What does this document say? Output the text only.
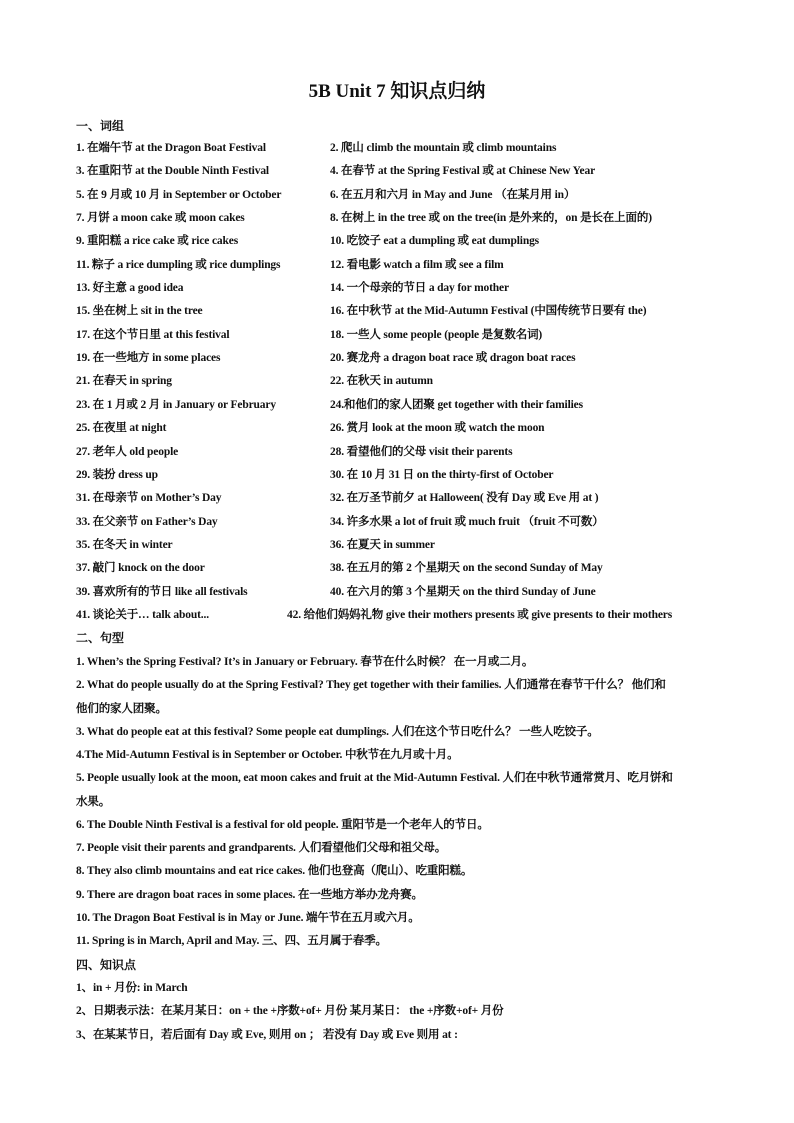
5B Unit 7 知识点归纳
一、词组
1. 在端午节 at the Dragon Boat Festival	2. 爬山 climb the mountain 或 climb mountains
3. 在重阳节 at the Double Ninth Festival	4. 在春节 at the Spring Festival 或 at Chinese New Year
5. 在 9 月或 10 月 in September or October	6. 在五月和六月 in May and June （在某月用 in）
7. 月饼 a moon cake 或 moon cakes	8. 在树上 in the tree 或 on the tree(in 是外来的，on 是长在上面的)
9. 重阳糕 a rice cake 或 rice cakes	10. 吃饺子 eat a dumpling 或 eat dumplings
11. 粽子 a rice dumpling 或 rice dumplings	12. 看电影 watch a film 或 see a film
13. 好主意 a good idea	14. 一个母亲的节日 a day for mother
15. 坐在树上 sit in the tree	16. 在中秋节 at the Mid-Autumn Festival (中国传统节日要有 the)
17. 在这个节日里 at this festival	18. 一些人 some people (people 是复数名词)
19. 在一些地方 in some places	20. 赛龙舟 a dragon boat race 或 dragon boat races
21. 在春天 in spring	22. 在秋天 in autumn
23. 在 1 月或 2 月 in January or February	24.和他们的家人团聚 get together with their families
25. 在夜里 at night	26. 赏月 look at the moon 或 watch the moon
27. 老年人 old people	28. 看望他们的父母 visit their parents
29. 装扮 dress up	30. 在 10 月 31 日 on the thirty-first of October
31. 在母亲节 on Mother’s Day	32. 在万圣节前夕 at Halloween( 没有 Day 或 Eve 用 at )
33. 在父亲节 on Father’s Day	34. 许多水果 a lot of fruit 或 much fruit （fruit 不可数）
35. 在冬天 in winter	36. 在夏天 in summer
37. 敲门 knock on the door	38. 在五月的第 2 个星期天 on the second Sunday of May
39. 喜欢所有的节日 like all festivals	40. 在六月的第 3 个星期天 on the third Sunday of June
41. 谈论关于… talk about...	42. 给他们妈妈礼物 give their mothers presents 或 give presents to their mothers
二、句型
1. When’s the Spring Festival? It’s in January or February. 春节在什么时候？ 在一月或二月。
2. What do people usually do at the Spring Festival? They get together with their families. 人们通常在春节干什么？ 他们和
他们的家人团聚。
3. What do people eat at this festival? Some people eat dumplings. 人们在这个节日吃什么？ 一些人吃饺子。
4.The Mid-Autumn Festival is in September or October. 中秋节在九月或十月。
5. People usually look at the moon, eat moon cakes and fruit at the Mid-Autumn Festival. 人们在中秋节通常赏月、吃月饼和
水果。
6. The Double Ninth Festival is a festival for old people. 重阳节是一个老年人的节日。
7. People visit their parents and grandparents. 人们看望他们父母和祖父母。
8. They also climb mountains and eat rice cakes. 他们也登高（爬山）、吃重阳糕。
9. There are dragon boat races in some places. 在一些地方举办龙舟赛。
10. The Dragon Boat Festival is in May or June. 端午节在五月或六月。
11. Spring is in March, April and May. 三、四、五月属于春季。
四、知识点
1、in + 月份: in March
2、日期表示法：在某月某日：on + the +序数+of+ 月份 某月某日： the +序数+of+ 月份
3、在某某节日，若后面有 Day 或 Eve, 则用 on ； 若没有 Day 或 Eve 则用 at :
